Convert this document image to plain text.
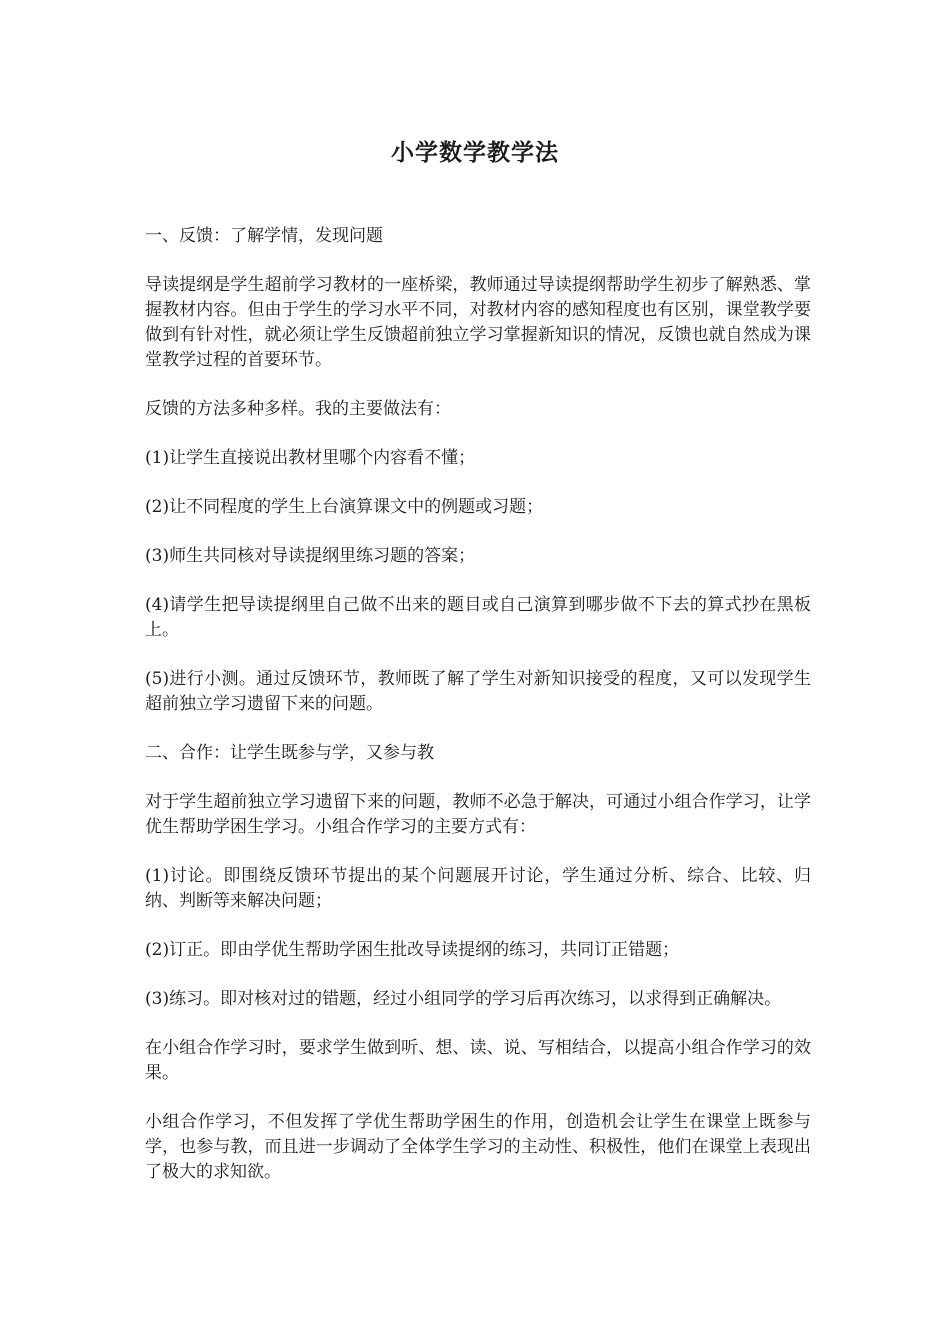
小学数学教学法

一、反馈：了解学情，发现问题

导读提纲是学生超前学习教材的一座桥梁，教师通过导读提纲帮助学生初步了解熟悉、掌握教材内容。但由于学生的学习水平不同，对教材内容的感知程度也有区别，课堂教学要做到有针对性，就必须让学生反馈超前独立学习掌握新知识的情况，反馈也就自然成为课堂教学过程的首要环节。

反馈的方法多种多样。我的主要做法有：

(1)让学生直接说出教材里哪个内容看不懂；

(2)让不同程度的学生上台演算课文中的例题或习题；

(3)师生共同核对导读提纲里练习题的答案；

(4)请学生把导读提纲里自己做不出来的题目或自己演算到哪步做不下去的算式抄在黑板上。

(5)进行小测。通过反馈环节，教师既了解了学生对新知识接受的程度，又可以发现学生超前独立学习遗留下来的问题。

二、合作：让学生既参与学，又参与教

对于学生超前独立学习遗留下来的问题，教师不必急于解决，可通过小组合作学习，让学优生帮助学困生学习。小组合作学习的主要方式有：

(1)讨论。即围绕反馈环节提出的某个问题展开讨论，学生通过分析、综合、比较、归纳、判断等来解决问题；

(2)订正。即由学优生帮助学困生批改导读提纲的练习，共同订正错题；

(3)练习。即对核对过的错题，经过小组同学的学习后再次练习，以求得到正确解决。

在小组合作学习时，要求学生做到听、想、读、说、写相结合，以提高小组合作学习的效果。

小组合作学习，不但发挥了学优生帮助学困生的作用，创造机会让学生在课堂上既参与学，也参与教，而且进一步调动了全体学生学习的主动性、积极性，他们在课堂上表现出了极大的求知欲。
